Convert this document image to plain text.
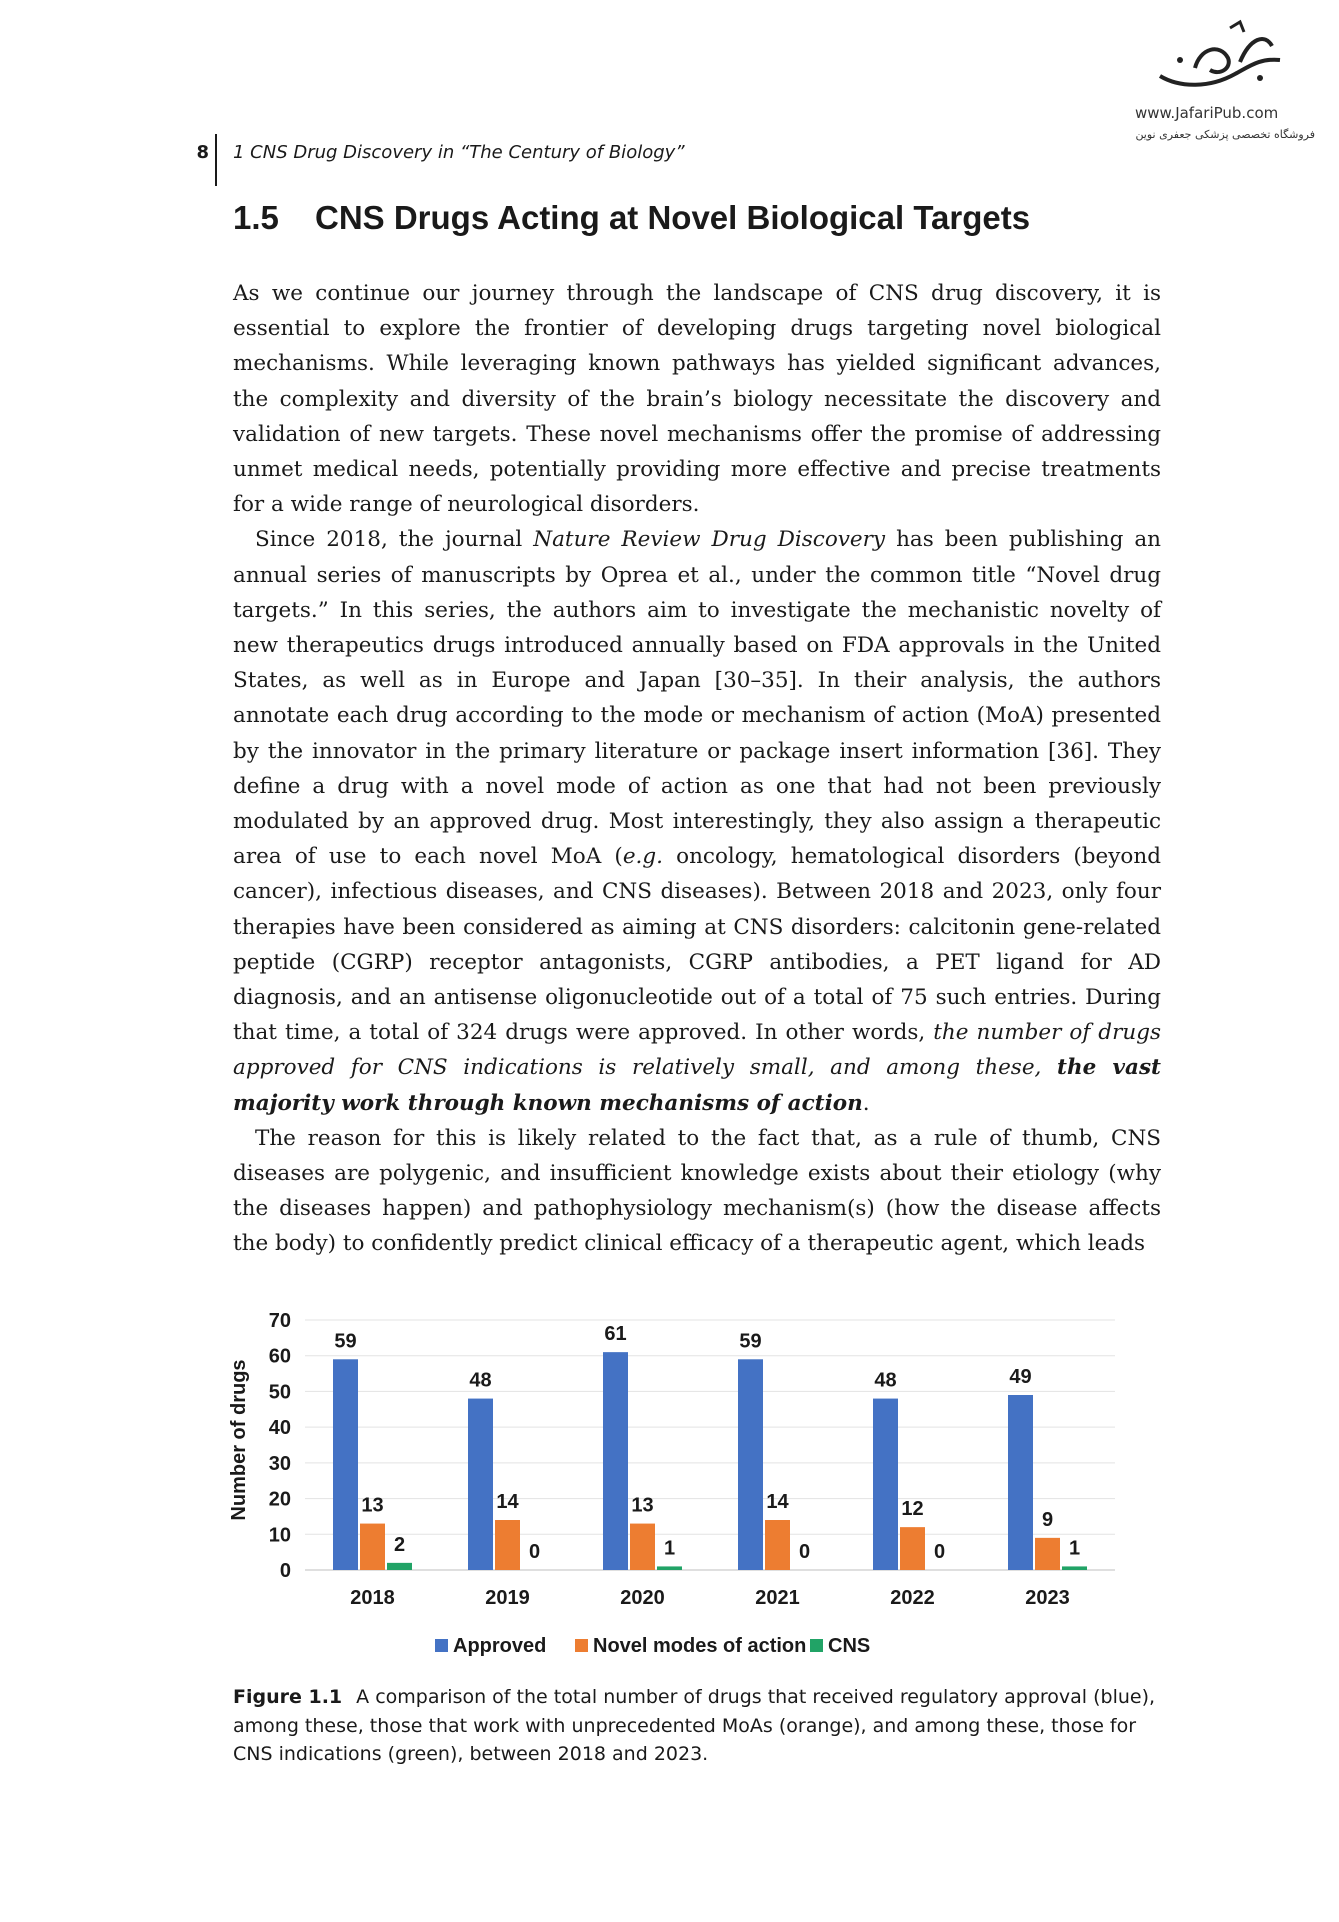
www.JafariPub.com
فروشگاه تخصصی پزشکی جعفری نوین
8 1 CNS Drug Discovery in “The Century of Biology”
1.5 CNS Drugs Acting at Novel Biological Targets

As we continue our journey through the landscape of CNS drug discovery, it is essential to explore the frontier of developing drugs targeting novel biological mechanisms. While leveraging known pathways has yielded significant advances, the complexity and diversity of the brain’s biology necessitate the discovery and validation of new targets. These novel mechanisms offer the promise of addressing unmet medical needs, potentially providing more effective and precise treatments for a wide range of neurological disorders.

Since 2018, the journal Nature Review Drug Discovery has been publishing an annual series of manuscripts by Oprea et al., under the common title “Novel drug targets.” In this series, the authors aim to investigate the mechanistic novelty of new therapeutics drugs introduced annually based on FDA approvals in the United States, as well as in Europe and Japan [30–35]. In their analysis, the authors annotate each drug according to the mode or mechanism of action (MoA) presented by the innovator in the primary literature or package insert information [36]. They define a drug with a novel mode of action as one that had not been previously modulated by an approved drug. Most interestingly, they also assign a therapeutic area of use to each novel MoA (e.g. oncology, hematological disorders (beyond cancer), infectious diseases, and CNS diseases). Between 2018 and 2023, only four therapies have been considered as aiming at CNS disorders: calcitonin gene-related peptide (CGRP) receptor antagonists, CGRP antibodies, a PET ligand for AD diagnosis, and an antisense oligonucleotide out of a total of 75 such entries. During that time, a total of 324 drugs were approved. In other words, the number of drugs approved for CNS indications is relatively small, and among these, the vast majority work through known mechanisms of action.

The reason for this is likely related to the fact that, as a rule of thumb, CNS diseases are polygenic, and insufficient knowledge exists about their etiology (why the diseases happen) and pathophysiology mechanism(s) (how the disease affects the body) to confidently predict clinical efficacy of a therapeutic agent, which leads

Number of drugs
0
10
20
30
40
50
60
70
59
13
2
48
14
0
61
13
1
59
14
0
48
12
0
49
9
1
2018	2019	2020	2021	2022	2023
Approved Novel modes of action CNS
Figure 1.1 A comparison of the total number of drugs that received regulatory approval (blue), among these, those that work with unprecedented MoAs (orange), and among these, those for CNS indications (green), between 2018 and 2023.
